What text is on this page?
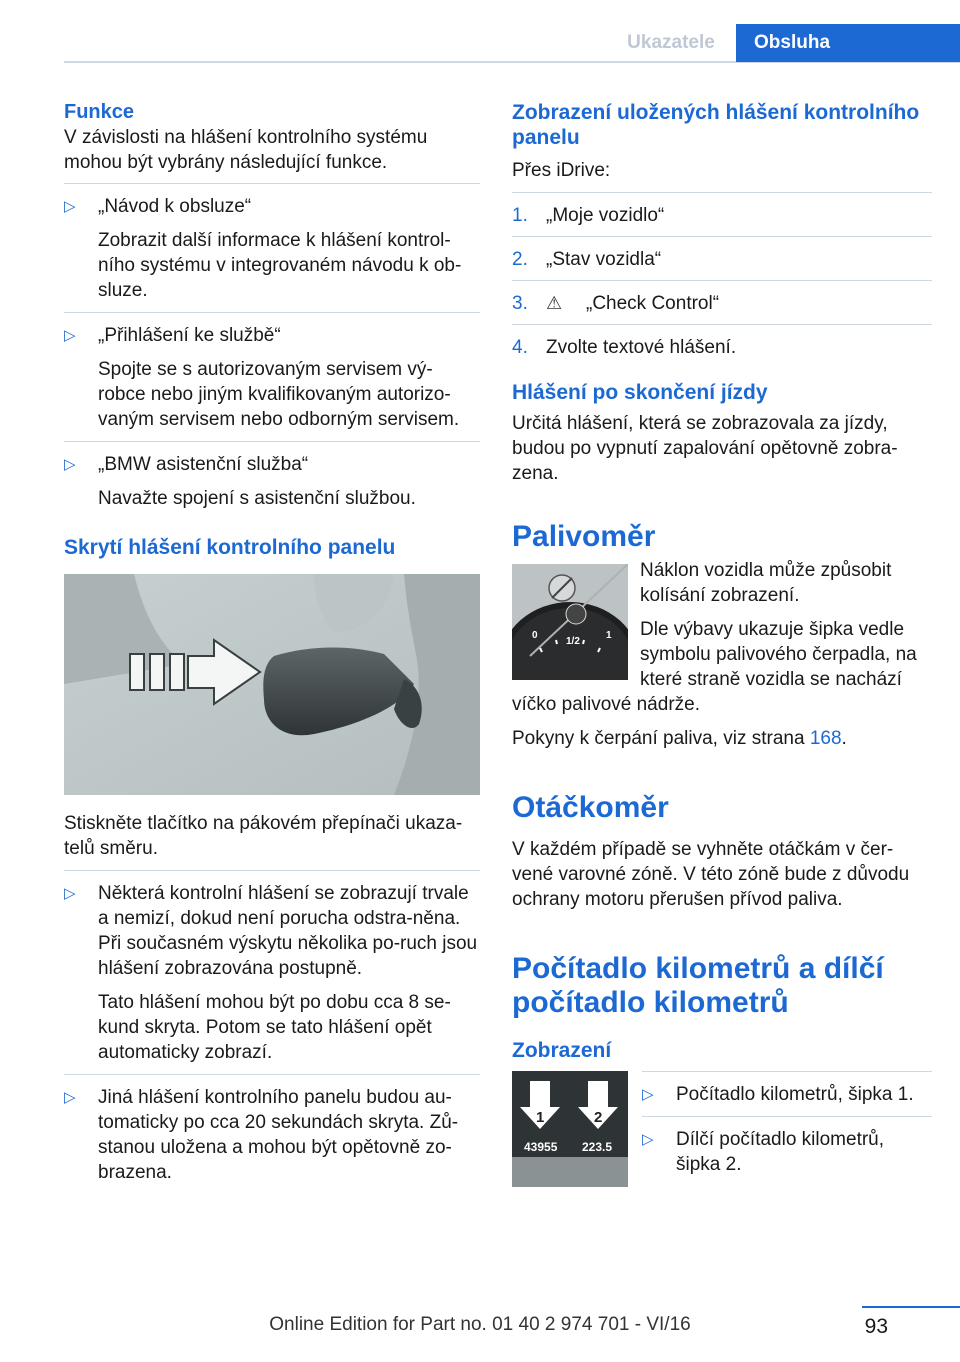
Ukazatele	Obsluha
Funkce

V závislosti na hlášení kontrolního systému mohou být vybrány následující funkce.

▷ „Návod k obsluze“

Zobrazit další informace k hlášení kontrol‐ního systému v integrovaném návodu k ob‐sluze.

▷ „Přihlášení ke službě“

Spojte se s autorizovaným servisem vý‐robce nebo jiným kvalifikovaným autorizo‐vaným servisem nebo odborným servisem.

▷ „BMW asistenční služba“

Navažte spojení s asistenční službou.

Skrytí hlášení kontrolního panelu

Stiskněte tlačítko na pákovém přepínači ukaza‐telů směru.

▷ Některá kontrolní hlášení se zobrazují trvale a nemizí, dokud není porucha odstra‐něna. Při současném výskytu několika po‐ruch jsou hlášení zobrazována postupně.

Tato hlášení mohou být po dobu cca 8 se‐kund skryta. Potom se tato hlášení opět automaticky zobrazí.

▷ Jiná hlášení kontrolního panelu budou au‐tomaticky po cca 20 sekundách skryta. Zů‐stanou uložena a mohou být opětovně zo‐brazena.

Zobrazení uložených hlášení kontrolního panelu

Přes iDrive:

1. „Moje vozidlo“
2. „Stav vozidla“
3. ⚠ „Check Control“
4. Zvolte textové hlášení.
Hlášení po skončení jízdy

Určitá hlášení, která se zobrazovala za jízdy, budou po vypnutí zapalování opětovně zobra‐zena.

Palivoměr
0
1/2
1

Náklon vozidla může způsobit kolísání zobrazení.

Dle výbavy ukazuje šipka vedle symbolu palivového čerpadla, na které straně vozidla se nachází víčko palivové nádrže.

Pokyny k čerpání paliva, viz strana 168.

Otáčkoměr

V každém případě se vyhněte otáčkám v čer‐vené varovné zóně. V této zóně bude z důvodu ochrany motoru přerušen přívod paliva.

Počítadlo kilometrů a dílčí počítadlo kilometrů
Zobrazení
1	2
43955 223.5
▷ Počítadlo kilometrů, šipka 1.
▷ Dílčí počítadlo kilometrů, šipka 2.
93
Online Edition for Part no. 01 40 2 974 701 - VI/16
